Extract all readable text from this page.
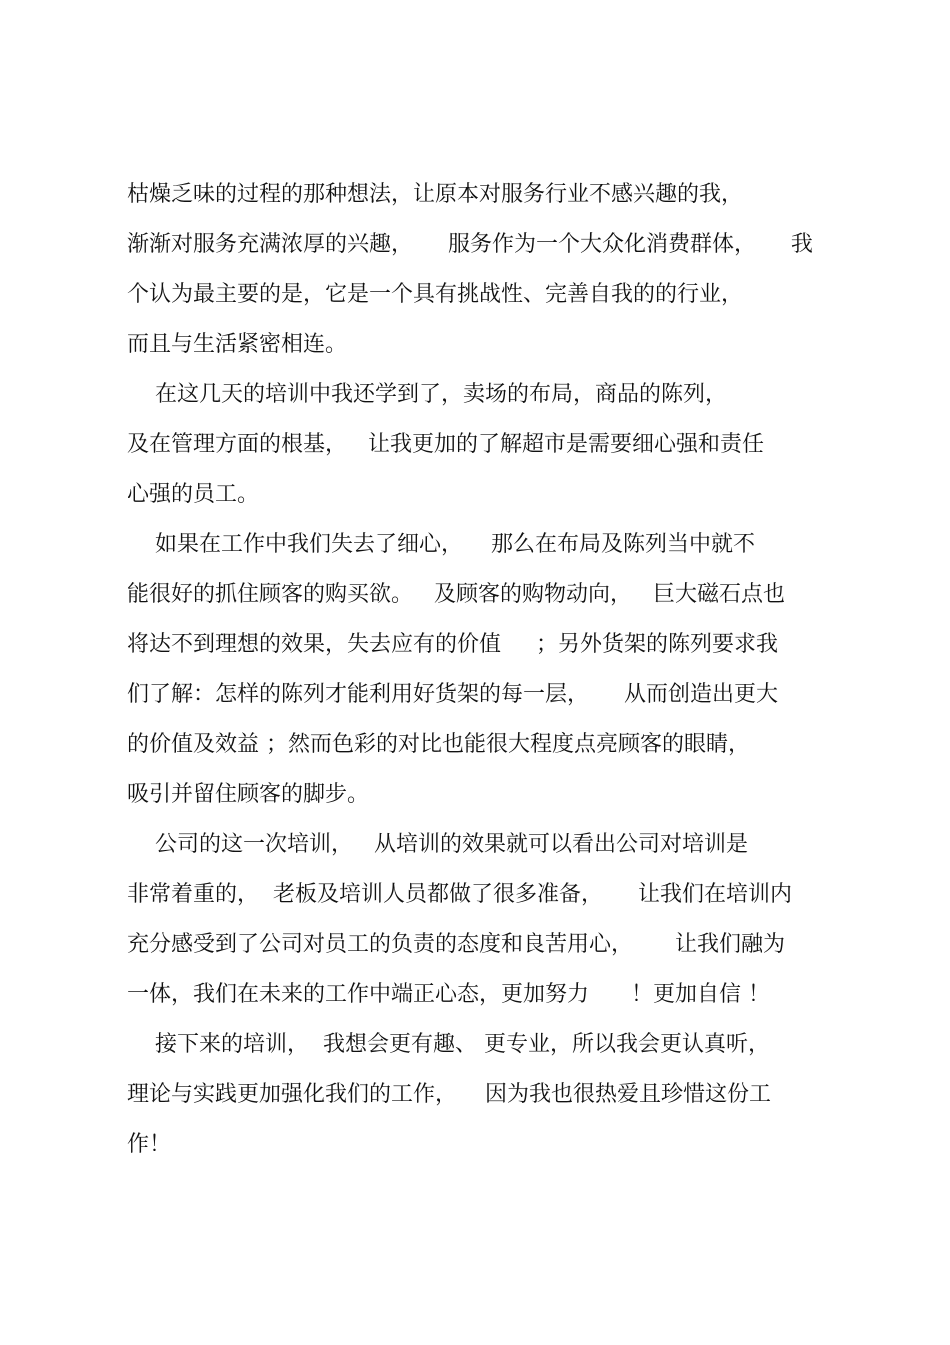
枯燥乏味的过程的那种想法，让原本对服务行业不感兴趣的我，

渐渐对服务充满浓厚的兴趣，     服务作为一个大众化消费群体，     我

个认为最主要的是，它是一个具有挑战性、完善自我的的行业，

而且与生活紧密相连。

在这几天的培训中我还学到了，卖场的布局，商品的陈列，

及在管理方面的根基，   让我更加的了解超市是需要细心强和责任

心强的员工。

如果在工作中我们失去了细心，    那么在布局及陈列当中就不

能很好的抓住顾客的购买欲。   及顾客的购物动向，   巨大磁石点也

将达不到理想的效果，失去应有的价值     ；另外货架的陈列要求我

们了解：怎样的陈列才能利用好货架的每一层，     从而创造出更大

的价值及效益 ；然而色彩的对比也能很大程度点亮顾客的眼睛，

吸引并留住顾客的脚步。

公司的这一次培训，   从培训的效果就可以看出公司对培训是

非常着重的，  老板及培训人员都做了很多准备，     让我们在培训内

充分感受到了公司对员工的负责的态度和良苦用心，      让我们融为

一体，我们在未来的工作中端正心态，更加努力      ！更加自信 ！

接下来的培训，  我想会更有趣、 更专业，所以我会更认真听，

理论与实践更加强化我们的工作，    因为我也很热爱且珍惜这份工

作！
